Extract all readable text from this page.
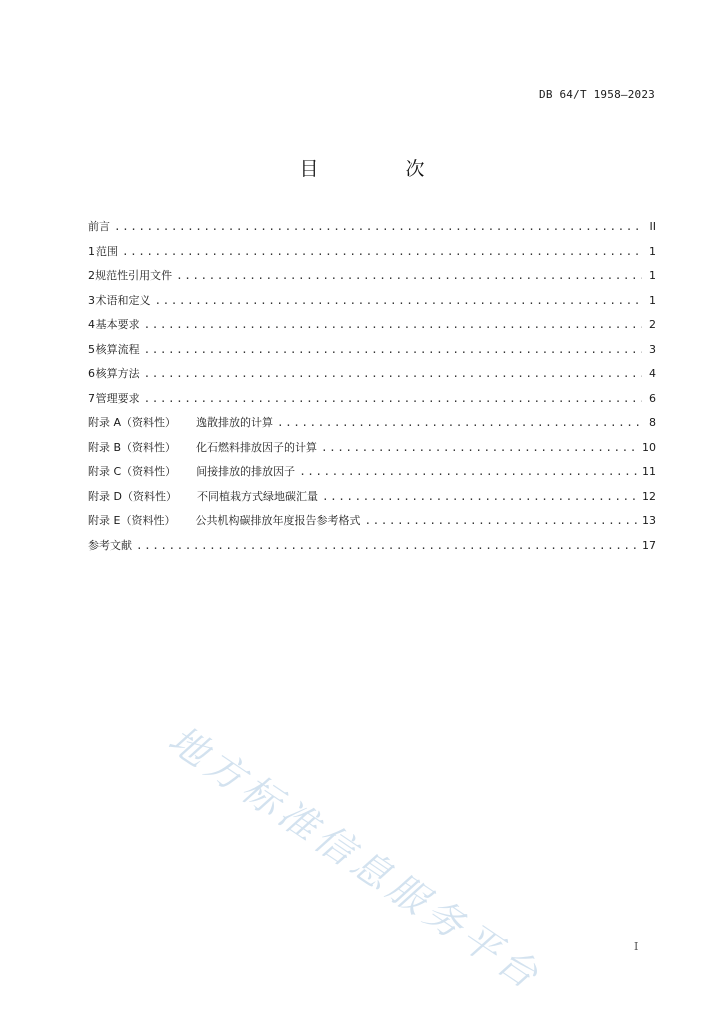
DB 64/T 1958—2023
目　次
前言 .....	II
1 范围 .....	1
2 规范性引用文件 .....	1
3 术语和定义 .....	1
4 基本要求 .....	2
5 核算流程 .....	3
6 核算方法 .....	4
7 管理要求 .....	6
附录 A（资料性） 逸散排放的计算 .....	8
附录 B（资料性） 化石燃料排放因子的计算 .....	10
附录 C（资料性） 间接排放的排放因子 .....	11
附录 D（资料性） 不同植栽方式绿地碳汇量 .....	12
附录 E（资料性） 公共机构碳排放年度报告参考格式 .....	13
参考文献 .....	17
地方标准信息服务平台	I
